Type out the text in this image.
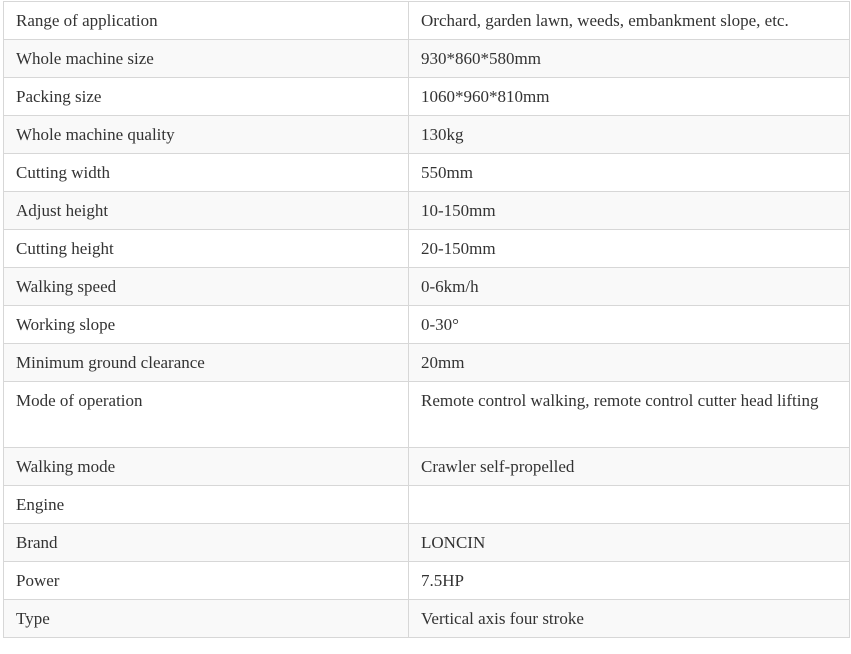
Range of application	Orchard, garden lawn, weeds, embankment slope, etc.
Whole machine size	930*860*580mm
Packing size	1060*960*810mm
Whole machine quality	130kg
Cutting width	550mm
Adjust height	10-150mm
Cutting height	20-150mm
Walking speed	0-6km/h
Working slope	0-30°
Minimum ground clearance	20mm
Mode of operation	Remote control walking, remote control cutter head lifting
Walking mode	Crawler self-propelled
Engine	
Brand	LONCIN
Power	7.5HP
Type	Vertical axis four stroke
